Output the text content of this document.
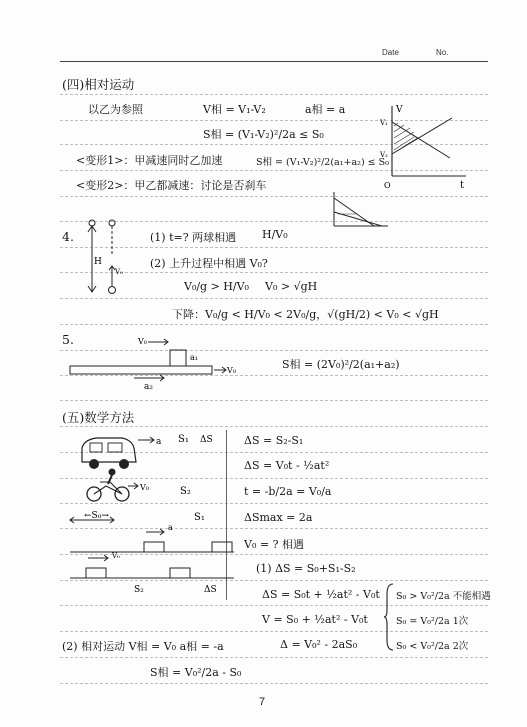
Date	No.
(四)相对运动
以乙为参照	V相 = V₁-V₂	a相 = a
S相 = (V₁-V₂)²/2a ≤ S₀
<变形1>：甲减速同时乙加速	S相 = (V₁-V₂)²/2(a₁+a₂) ≤ S₀
<变形2>：甲乙都减速：讨论是否刹车
V
t
O
V₁
V₂
4.
H
V₀
(1) t=? 两球相遇 H/V₀
(2) 上升过程中相遇 V₀?
V₀/g > H/V₀ V₀ > √gH
下降：V₀/g < H/V₀ < 2V₀/g，√(gH/2) < V₀ < √gH
5.	V₀
a₁
V₀
a₂
S相 = (2V₀)²/2(a₁+a₂)
(五)数学方法
a
V₀
S₁ ΔS
S₂
ΔS = S₂-S₁
ΔS = V₀t - ½at²
t = -b/2a = V₀/a
ΔSmax = 2a
V₀ = ? 相遇
←S₀→
a
S₁
V₀
S₂	ΔS
(1) ΔS = S₀+S₁-S₂
ΔS = S₀t + ½at² - V₀t
V = S₀ + ½at² - V₀t
S₀ > V₀²/2a 不能相遇
S₀ = V₀²/2a 1次
S₀ < V₀²/2a 2次
(2) 相对运动 V相 = V₀ a相 = -a	Δ = V₀² - 2aS₀
S相 = V₀²/2a - S₀
7
